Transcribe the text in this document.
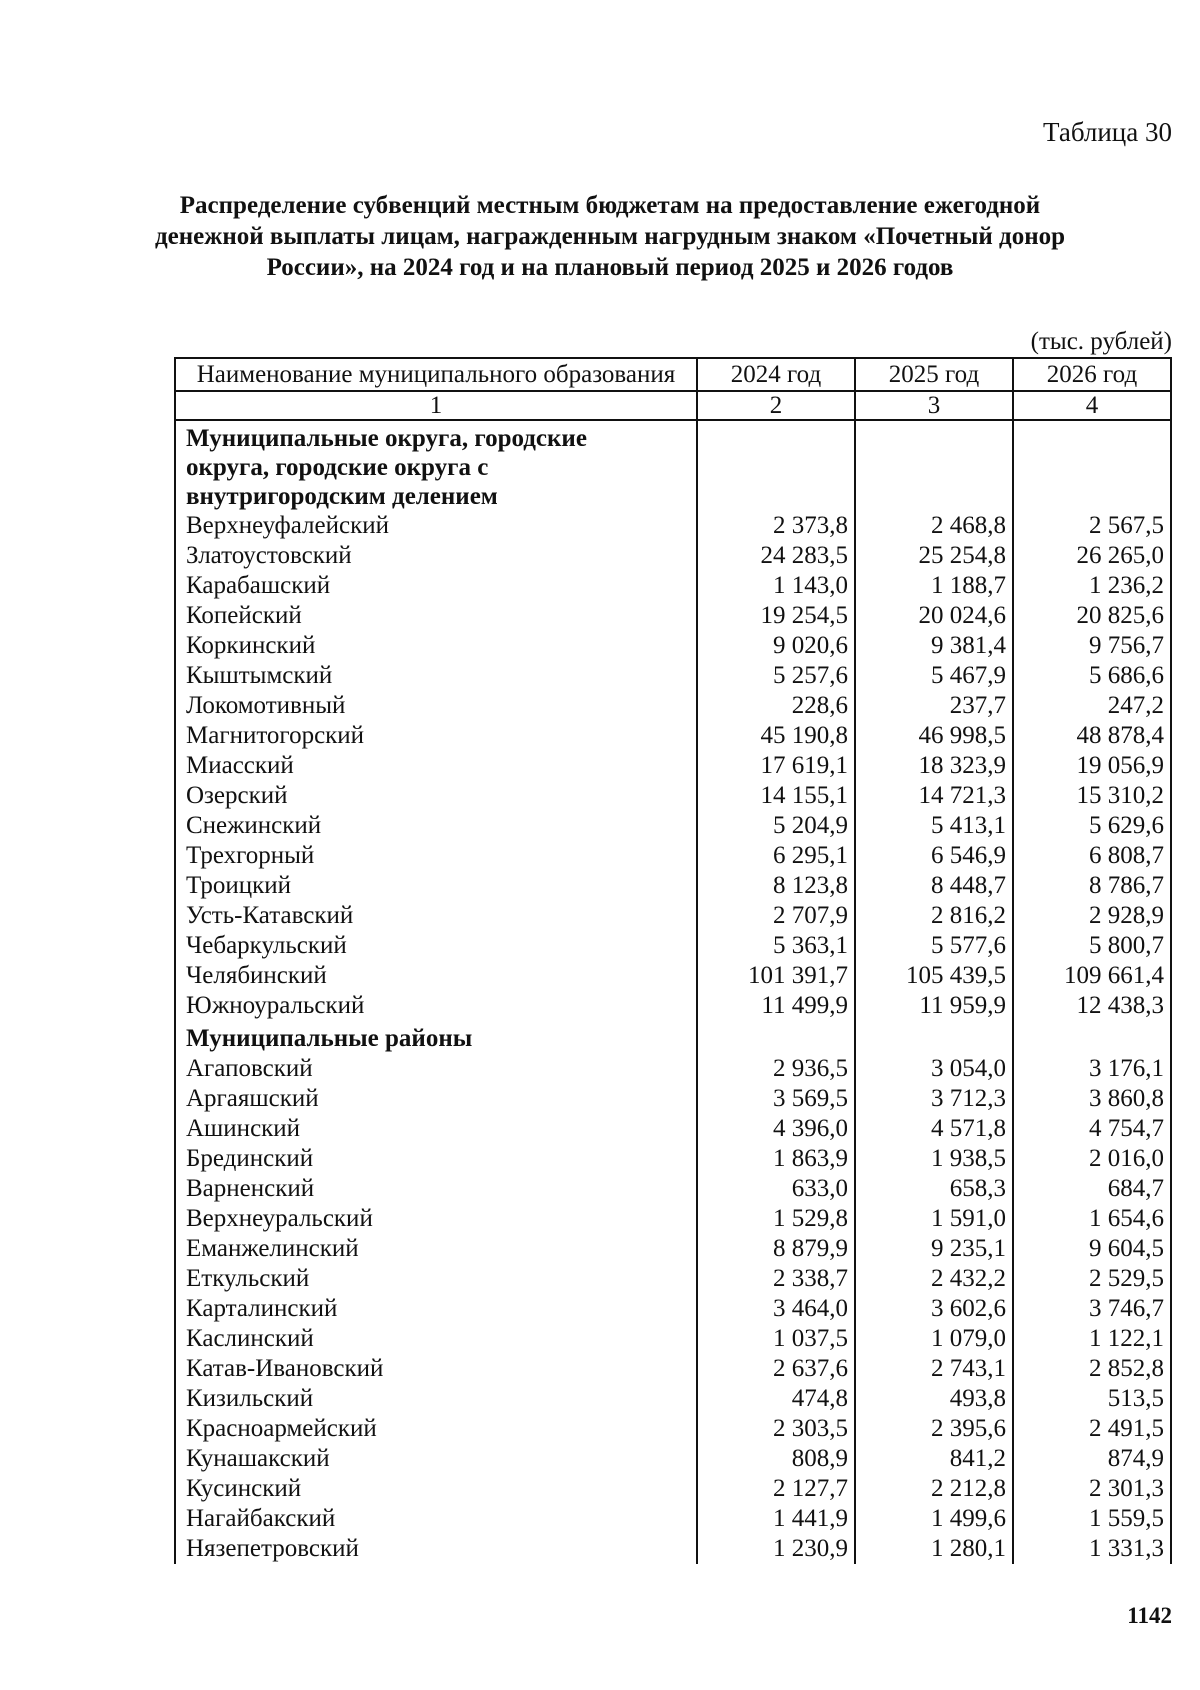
Таблица 30
Распределение субвенций местным бюджетам на предоставление ежегодной
денежной выплаты лицам, награжденным нагрудным знаком «Почетный донор
России», на 2024 год и на плановый период 2025 и 2026 годов
(тыс. рублей)
Наименование муниципального образования	2024 год	2025 год	2026 год
1	2	3	4
Муниципальные округа, городские
округа, городские округа с
внутригородским делением			
Верхнеуфалейский	2 373,8	2 468,8	2 567,5
Златоустовский	24 283,5	25 254,8	26 265,0
Карабашский	1 143,0	1 188,7	1 236,2
Копейский	19 254,5	20 024,6	20 825,6
Коркинский	9 020,6	9 381,4	9 756,7
Кыштымский	5 257,6	5 467,9	5 686,6
Локомотивный	228,6	237,7	247,2
Магнитогорский	45 190,8	46 998,5	48 878,4
Миасский	17 619,1	18 323,9	19 056,9
Озерский	14 155,1	14 721,3	15 310,2
Снежинский	5 204,9	5 413,1	5 629,6
Трехгорный	6 295,1	6 546,9	6 808,7
Троицкий	8 123,8	8 448,7	8 786,7
Усть-Катавский	2 707,9	2 816,2	2 928,9
Чебаркульский	5 363,1	5 577,6	5 800,7
Челябинский	101 391,7	105 439,5	109 661,4
Южноуральский	11 499,9	11 959,9	12 438,3
Муниципальные районы			
Агаповский	2 936,5	3 054,0	3 176,1
Аргаяшский	3 569,5	3 712,3	3 860,8
Ашинский	4 396,0	4 571,8	4 754,7
Брединский	1 863,9	1 938,5	2 016,0
Варненский	633,0	658,3	684,7
Верхнеуральский	1 529,8	1 591,0	1 654,6
Еманжелинский	8 879,9	9 235,1	9 604,5
Еткульский	2 338,7	2 432,2	2 529,5
Карталинский	3 464,0	3 602,6	3 746,7
Каслинский	1 037,5	1 079,0	1 122,1
Катав-Ивановский	2 637,6	2 743,1	2 852,8
Кизильский	474,8	493,8	513,5
Красноармейский	2 303,5	2 395,6	2 491,5
Кунашакский	808,9	841,2	874,9
Кусинский	2 127,7	2 212,8	2 301,3
Нагайбакский	1 441,9	1 499,6	1 559,5
Нязепетровский	1 230,9	1 280,1	1 331,3
1142
